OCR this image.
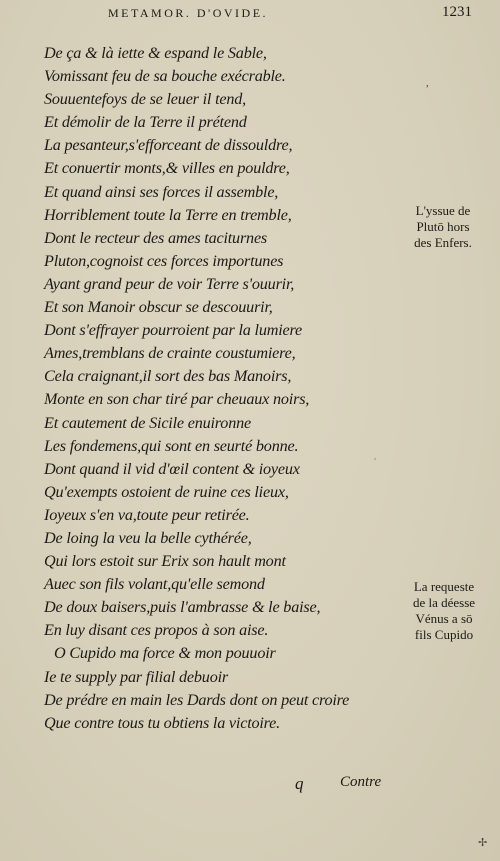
METAMOR. D'OVIDE.	1231
,
ʹ
De ça & là iette & espand le Sable,
Vomissant feu de sa bouche exécrable.
Souuentefoys de se leuer il tend,
Et démolir de la Terre il prétend
La pesanteur,s'efforceant de dissouldre,
Et conuertir monts,& villes en pouldre,
Et quand ainsi ses forces il assemble,
Horriblement toute la Terre en tremble,
Dont le recteur des ames taciturnes
Pluton,cognoist ces forces importunes
Ayant grand peur de voir Terre s'ouurir,
Et son Manoir obscur se descouurir,
Dont s'effrayer pourroient par la lumiere
Ames,tremblans de crainte coustumiere,
Cela craignant,il sort des bas Manoirs,
Monte en son char tiré par cheuaux noirs,
Et cautement de Sicile enuironne
Les fondemens,qui sont en seurté bonne.
Dont quand il vid d'œil content & ioyeux
Qu'exempts ostoient de ruine ces lieux,
Ioyeux s'en va,toute peur retirée.
De loing la veu la belle cythérée,
Qui lors estoit sur Erix son hault mont
Auec son fils volant,qu'elle semond
De doux baisers,puis l'ambrasse & le baise,
En luy disant ces propos à son aise.
O Cupido ma force & mon pouuoir
Ie te supply par filial debuoir
De prédre en main les Dards dont on peut croire
Que contre tous tu obtiens la victoire.
L'yssue de
Plutō hors
des Enfers.
La requeste
de la déesse
Vénus a sō
fils Cupido
q Contre
✢
